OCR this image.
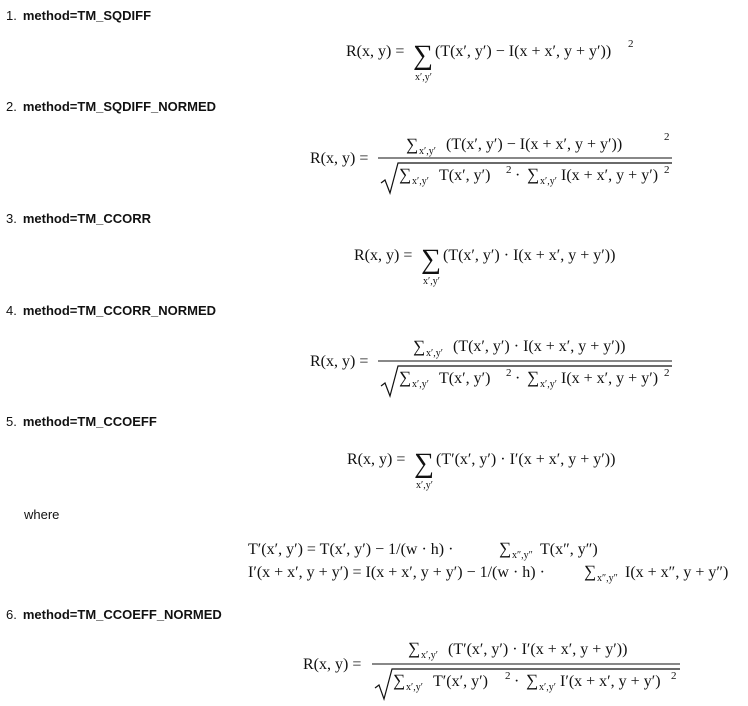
1. method=TM_SQDIFF
R(x, y) = ∑
x′,y′
(T(x′, y′) − I(x + x′, y + y′)) 2
2. method=TM_SQDIFF_NORMED
R(x, y) =
∑ x′,y′ (T(x′, y′) − I(x + x′, y + y′))	2
∑ x′,y′ T(x′, y′) 2 · ∑ x′,y′ I(x + x′, y + y′) 2
3. method=TM_CCORR
R(x, y) = ∑
x′,y′
(T(x′, y′) · I(x + x′, y + y′))
4. method=TM_CCORR_NORMED
R(x, y) =
∑ x′,y′ (T(x′, y′) · I(x + x′, y + y′))
∑ x′,y′ T(x′, y′) 2 · ∑ x′,y′ I(x + x′, y + y′) 2
5. method=TM_CCOEFF
R(x, y) = ∑
x′,y′
(T′(x′, y′) · I′(x + x′, y + y′))
where
T′(x′, y′) = T(x′, y′) − 1/(w · h) ·	∑ x″,y″ T(x″, y″)
I′(x + x′, y + y′) = I(x + x′, y + y′) − 1/(w · h) · ∑ x″,y″ I(x + x″, y + y″)
6. method=TM_CCOEFF_NORMED
R(x, y) =
∑ x′,y′ (T′(x′, y′) · I′(x + x′, y + y′))
∑ x′,y′ T′(x′, y′) 2 · ∑ x′,y′ I′(x + x′, y + y′) 2
